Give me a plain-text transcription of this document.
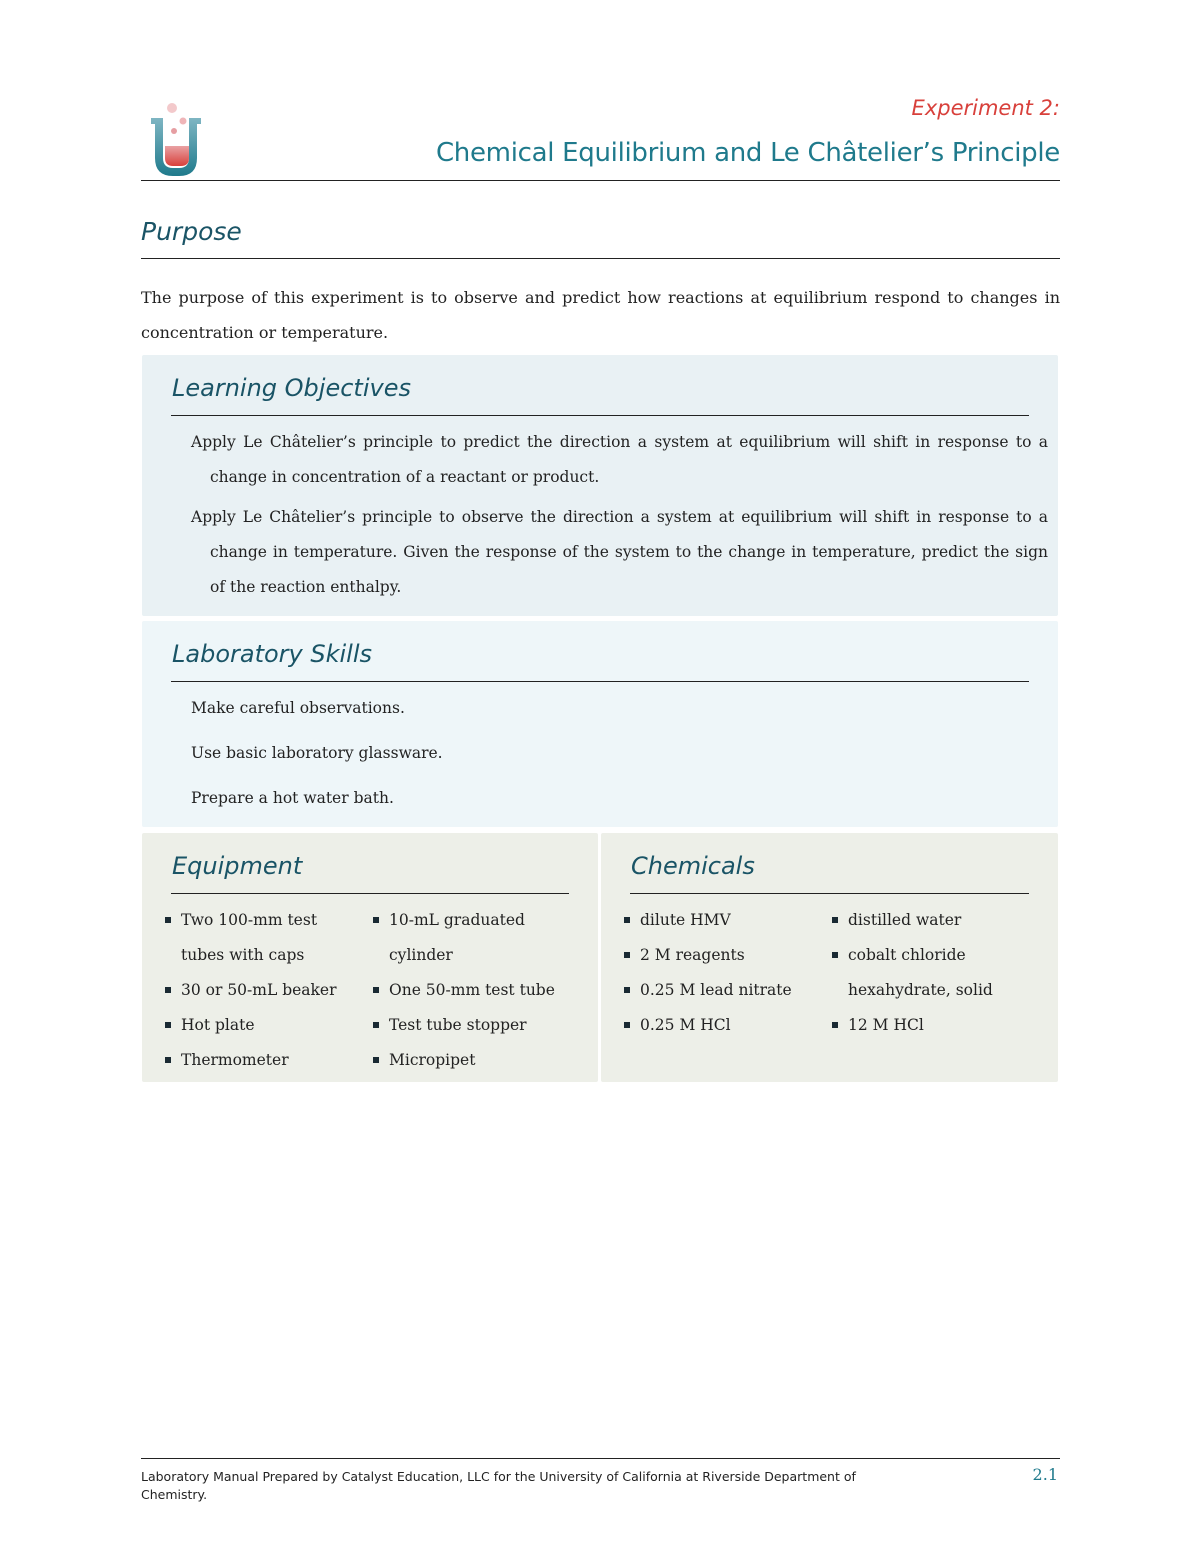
Experiment 2:
Chemical Equilibrium and Le Châtelier’s Principle
Purpose

The purpose of this experiment is to observe and predict how reactions at equilibrium respond to changes in concentration or temperature.

Learning Objectives

Apply Le Châtelier’s principle to predict the direction a system at equilibrium will shift in response to a change in concentration of a reactant or product.

Apply Le Châtelier’s principle to observe the direction a system at equilibrium will shift in response to a change in temperature. Given the response of the system to the change in temperature, predict the sign of the reaction enthalpy.

Laboratory Skills

Make careful observations.

Use basic laboratory glassware.

Prepare a hot water bath.

Equipment
Two 100-mm test tubes with caps
30 or 50-mL beaker
Hot plate
Thermometer
10-mL graduated cylinder
One 50-mm test tube
Test tube stopper
Micropipet
Chemicals
dilute HMV
2 M reagents
0.25 M lead nitrate
0.25 M HCl
distilled water
cobalt chloride hexahydrate, solid
12 M HCl
Laboratory Manual Prepared by Catalyst Education, LLC for the University of California at Riverside Department of Chemistry.
2.1
